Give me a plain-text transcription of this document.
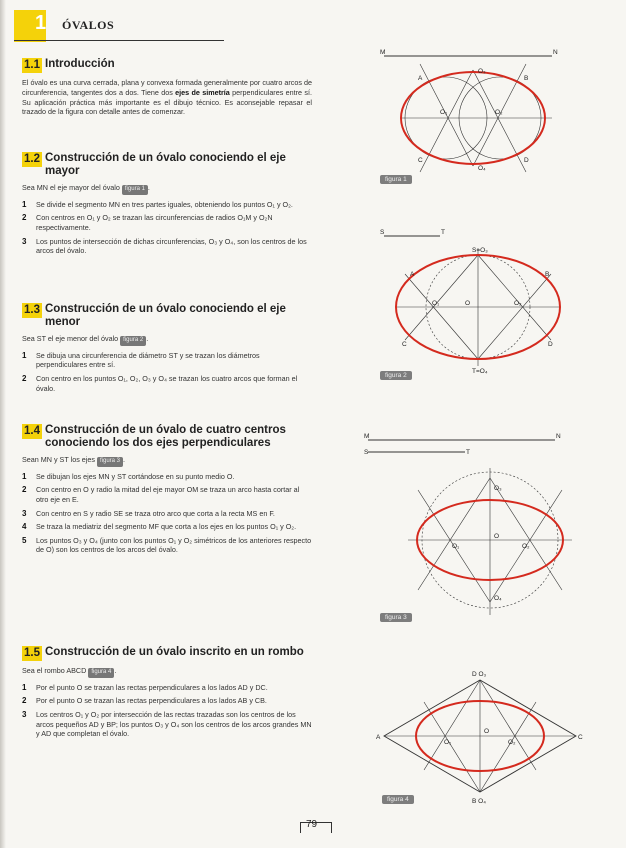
1 ÓVALOS
1.1 Introducción
El óvalo es una curva cerrada, plana y convexa formada generalmente por cuatro arcos de circunferencia, tangentes dos a dos. Tiene dos ejes de simetría perpendiculares entre sí. Su aplicación práctica más importante es el dibujo técnico. Es aconsejable repasar el trazado de la figura con detalle antes de comenzar.
1.2 Construcción de un óvalo conociendo el eje mayor
Sea MN el eje mayor del óvalo figura 1 .
1	Se divide el segmento MN en tres partes iguales, obteniendo los puntos O₁ y O₂.
2	Con centros en O₁ y O₂ se trazan las circunferencias de radios O₁M y O₂N respectivamente.
3	Los puntos de intersección de dichas circunferencias, O₃ y O₄, son los centros de los arcos del óvalo.
1.3 Construcción de un óvalo conociendo el eje menor
Sea ST el eje menor del óvalo figura 2 .
1	Se dibuja una circunferencia de diámetro ST y se trazan los diámetros perpendiculares entre sí.
2	Con centro en los puntos O₁, O₂, O₃ y O₄ se trazan los cuatro arcos que forman el óvalo.
1.4 Construcción de un óvalo de cuatro centros conociendo los dos ejes perpendiculares
Sean MN y ST los ejes figura 3 .
1	Se dibujan los ejes MN y ST cortándose en su punto medio O.
2	Con centro en O y radio la mitad del eje mayor OM se traza un arco hasta cortar al otro eje en E.
3	Con centro en S y radio SE se traza otro arco que corta a la recta MS en F.
4	Se traza la mediatriz del segmento MF que corta a los ejes en los puntos O₁ y O₂.
5	Los puntos O₃ y O₄ (junto con los puntos O₁ y O₂ simétricos de los anteriores respecto de O) son los centros de los arcos del óvalo.
1.5 Construcción de un óvalo inscrito en un rombo
Sea el rombo ABCD figura 4 .
1	Por el punto O se trazan las rectas perpendiculares a los lados AD y DC.
2	Por el punto O se trazan las rectas perpendiculares a los lados AB y CB.
3	Los centros O₁ y O₂ por intersección de las rectas trazadas son los centros de los arcos pequeños AD y BP; los puntos O₃ y O₄ son los centros de los arcos grandes MN y AD que completan el óvalo.
M	N
O₁	O₂
O₃
O₄
A	B
C	D
S	T
S=O₃
T=O₄
O₁	O₂
O
A	B
C	D
M	N
S	T
O
O₁	O₂
O₃
O₄
D O₃
B O₄
A	C
O
O₁	O₂
figura 1
figura 2
figura 3
figura 4
79
